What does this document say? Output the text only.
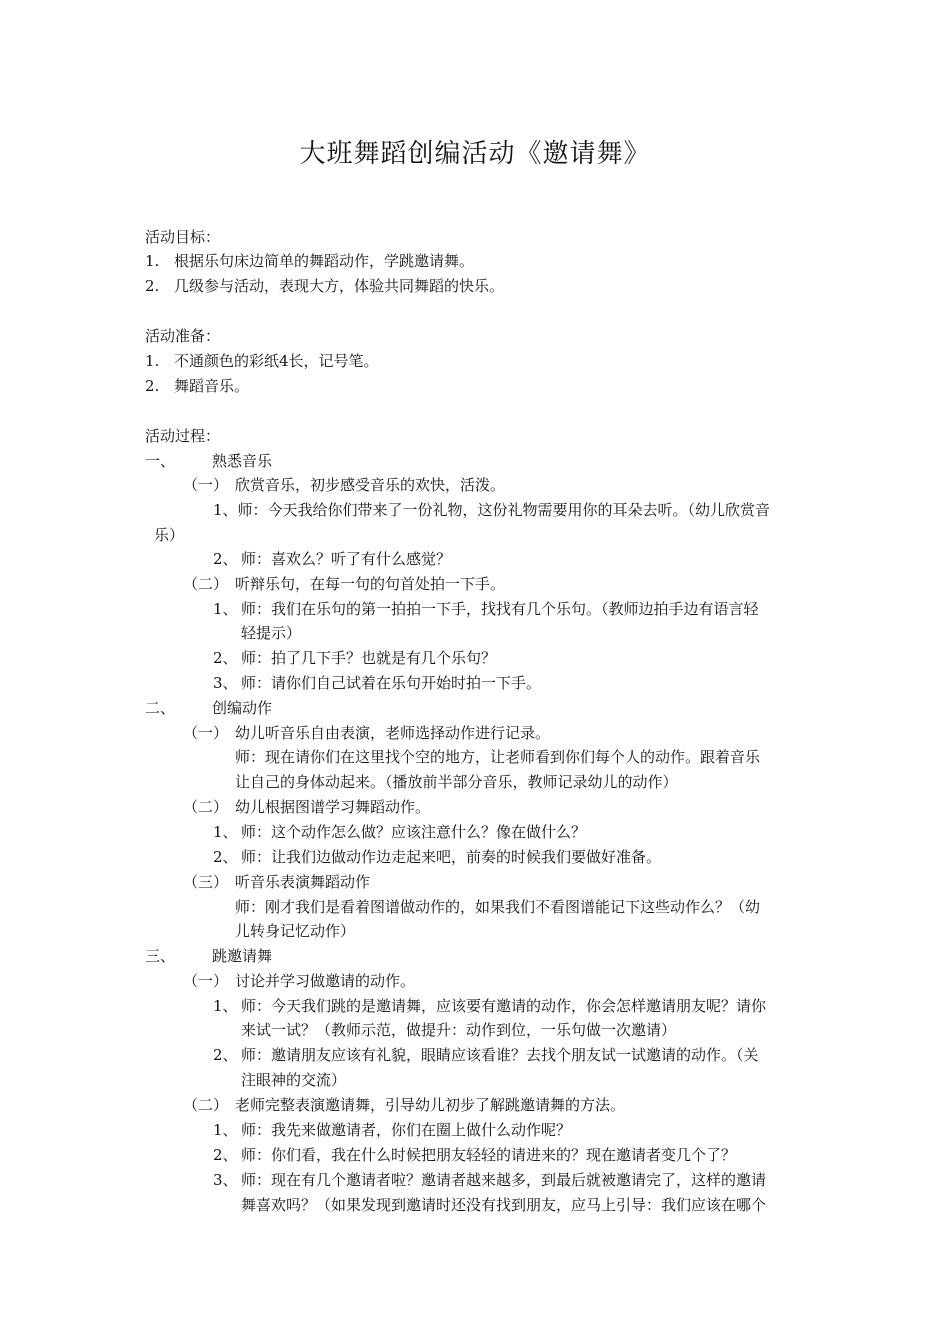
大班舞蹈创编活动《邀请舞》
活动目标：
1. 根据乐句床边简单的舞蹈动作，学跳邀请舞。
2. 几级参与活动，表现大方，体验共同舞蹈的快乐。
活动准备：
1. 不通颜色的彩纸4长，记号笔。
2. 舞蹈音乐。
活动过程：
一、 熟悉音乐
（一） 欣赏音乐，初步感受音乐的欢快，活泼。
1、师：今天我给你们带来了一份礼物，这份礼物需要用你的耳朵去听。（幼儿欣赏音
乐）
2、 师：喜欢么？听了有什么感觉？
（二） 听辩乐句，在每一句的句首处拍一下手。
1、 师：我们在乐句的第一拍拍一下手，找找有几个乐句。（教师边拍手边有语言轻
轻提示）
2、 师：拍了几下手？也就是有几个乐句？
3、 师：请你们自己试着在乐句开始时拍一下手。
二、 创编动作
（一） 幼儿听音乐自由表演，老师选择动作进行记录。
师：现在请你们在这里找个空的地方，让老师看到你们每个人的动作。跟着音乐
让自己的身体动起来。（播放前半部分音乐，教师记录幼儿的动作）
（二） 幼儿根据图谱学习舞蹈动作。
1、 师：这个动作怎么做？应该注意什么？像在做什么？
2、 师：让我们边做动作边走起来吧，前奏的时候我们要做好准备。
（三） 听音乐表演舞蹈动作
师：刚才我们是看着图谱做动作的，如果我们不看图谱能记下这些动作么？（幼
儿转身记忆动作）
三、 跳邀请舞
（一） 讨论并学习做邀请的动作。
1、 师：今天我们跳的是邀请舞，应该要有邀请的动作，你会怎样邀请朋友呢？请你
来试一试？（教师示范，做提升：动作到位，一乐句做一次邀请）
2、 师：邀请朋友应该有礼貌，眼睛应该看谁？去找个朋友试一试邀请的动作。（关
注眼神的交流）
（二） 老师完整表演邀请舞，引导幼儿初步了解跳邀请舞的方法。
1、 师：我先来做邀请者，你们在圈上做什么动作呢？
2、 师：你们看，我在什么时候把朋友轻轻的请进来的？现在邀请者变几个了？
3、 师：现在有几个邀请者啦？邀请者越来越多，到最后就被邀请完了，这样的邀请
舞喜欢吗？（如果发现到邀请时还没有找到朋友，应马上引导：我们应该在哪个
